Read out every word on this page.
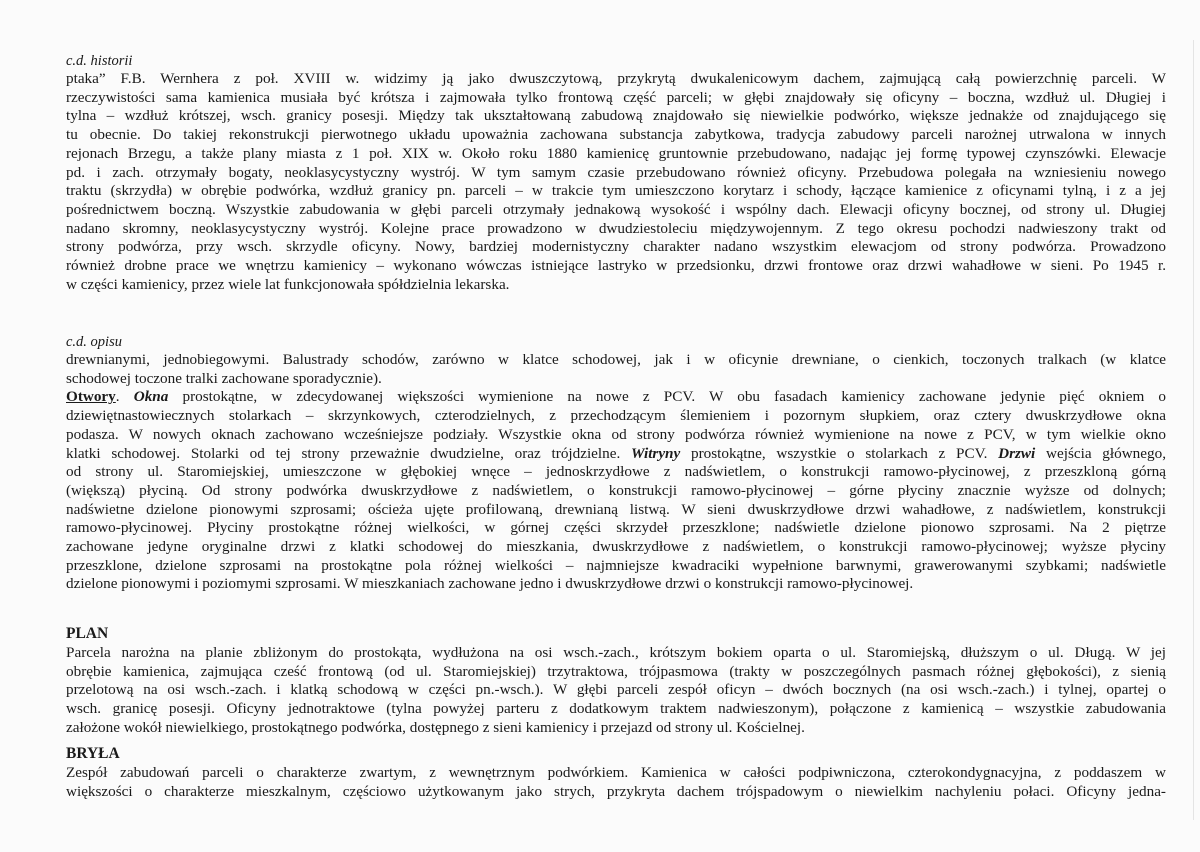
c.d. historii
ptaka” F.B. Wernhera z poł. XVIII w. widzimy ją jako dwuszczytową, przykrytą dwukalenicowym dachem, zajmującą całą powierzchnię parceli. W
rzeczywistości sama kamienica musiała być krótsza i zajmowała tylko frontową część parceli; w głębi znajdowały się oficyny – boczna, wzdłuż ul. Długiej i
tylna – wzdłuż krótszej, wsch. granicy posesji. Między tak ukształtowaną zabudową znajdowało się niewielkie podwórko, większe jednakże od znajdującego się
tu obecnie. Do takiej rekonstrukcji pierwotnego układu upoważnia zachowana substancja zabytkowa, tradycja zabudowy parceli narożnej utrwalona w innych
rejonach Brzegu, a także plany miasta z 1 poł. XIX w. Około roku 1880 kamienicę gruntownie przebudowano, nadając jej formę typowej czynszówki. Elewacje
pd. i zach. otrzymały bogaty, neoklasycystyczny wystrój. W tym samym czasie przebudowano również oficyny. Przebudowa polegała na wzniesieniu nowego
traktu (skrzydła) w obrębie podwórka, wzdłuż granicy pn. parceli – w trakcie tym umieszczono korytarz i schody, łączące kamienice z oficynami tylną, i z a jej
pośrednictwem boczną. Wszystkie zabudowania w głębi parceli otrzymały jednakową wysokość i wspólny dach. Elewacji oficyny bocznej, od strony ul. Długiej
nadano skromny, neoklasycystyczny wystrój. Kolejne prace prowadzono w dwudziestoleciu międzywojennym. Z tego okresu pochodzi nadwieszony trakt od
strony podwórza, przy wsch. skrzydle oficyny. Nowy, bardziej modernistyczny charakter nadano wszystkim elewacjom od strony podwórza. Prowadzono
również drobne prace we wnętrzu kamienicy – wykonano wówczas istniejące lastryko w przedsionku, drzwi frontowe oraz drzwi wahadłowe w sieni. Po 1945 r.
w części kamienicy, przez wiele lat funkcjonowała spółdzielnia lekarska.
c.d. opisu
drewnianymi, jednobiegowymi. Balustrady schodów, zarówno w klatce schodowej, jak i w oficynie drewniane, o cienkich, toczonych tralkach (w klatce
schodowej toczone tralki zachowane sporadycznie).
Otwory. Okna prostokątne, w zdecydowanej większości wymienione na nowe z PCV. W obu fasadach kamienicy zachowane jedynie pięć okniem o
dziewiętnastowiecznych stolarkach – skrzynkowych, czterodzielnych, z przechodzącym ślemieniem i pozornym słupkiem, oraz cztery dwuskrzydłowe okna
podasza. W nowych oknach zachowano wcześniejsze podziały. Wszystkie okna od strony podwórza również wymienione na nowe z PCV, w tym wielkie okno
klatki schodowej. Stolarki od tej strony przeważnie dwudzielne, oraz trójdzielne. Witryny prostokątne, wszystkie o stolarkach z PCV. Drzwi wejścia głównego,
od strony ul. Staromiejskiej, umieszczone w głębokiej wnęce – jednoskrzydłowe z nadświetlem, o konstrukcji ramowo-płycinowej, z przeszkloną górną
(większą) płyciną. Od strony podwórka dwuskrzydłowe z nadświetlem, o konstrukcji ramowo-płycinowej – górne płyciny znacznie wyższe od dolnych;
nadświetne dzielone pionowymi szprosami; ościeża ujęte profilowaną, drewnianą listwą. W sieni dwuskrzydłowe drzwi wahadłowe, z nadświetlem, konstrukcji
ramowo-płycinowej. Płyciny prostokątne różnej wielkości, w górnej części skrzydeł przeszklone; nadświetle dzielone pionowo szprosami. Na 2 piętrze
zachowane jedyne oryginalne drzwi z klatki schodowej do mieszkania, dwuskrzydłowe z nadświetlem, o konstrukcji ramowo-płycinowej; wyższe płyciny
przeszklone, dzielone szprosami na prostokątne pola różnej wielkości – najmniejsze kwadraciki wypełnione barwnymi, grawerowanymi szybkami; nadświetle
dzielone pionowymi i poziomymi szprosami. W mieszkaniach zachowane jedno i dwuskrzydłowe drzwi o konstrukcji ramowo-płycinowej.
PLAN
Parcela narożna na planie zbliżonym do prostokąta, wydłużona na osi wsch.-zach., krótszym bokiem oparta o ul. Staromiejską, dłuższym o ul. Długą. W jej
obrębie kamienica, zajmująca cześć frontową (od ul. Staromiejskiej) trzytraktowa, trójpasmowa (trakty w poszczególnych pasmach różnej głębokości), z sienią
przelotową na osi wsch.-zach. i klatką schodową w części pn.-wsch.). W głębi parceli zespół oficyn – dwóch bocznych (na osi wsch.-zach.) i tylnej, opartej o
wsch. granicę posesji. Oficyny jednotraktowe (tylna powyżej parteru z dodatkowym traktem nadwieszonym), połączone z kamienicą – wszystkie zabudowania
założone wokół niewielkiego, prostokątnego podwórka, dostępnego z sieni kamienicy i przejazd od strony ul. Kościelnej.
BRYŁA
Zespół zabudowań parceli o charakterze zwartym, z wewnętrznym podwórkiem. Kamienica w całości podpiwniczona, czterokondygnacyjna, z poddaszem w
większości o charakterze mieszkalnym, częściowo użytkowanym jako strych, przykryta dachem trójspadowym o niewielkim nachyleniu połaci. Oficyny jedna-
